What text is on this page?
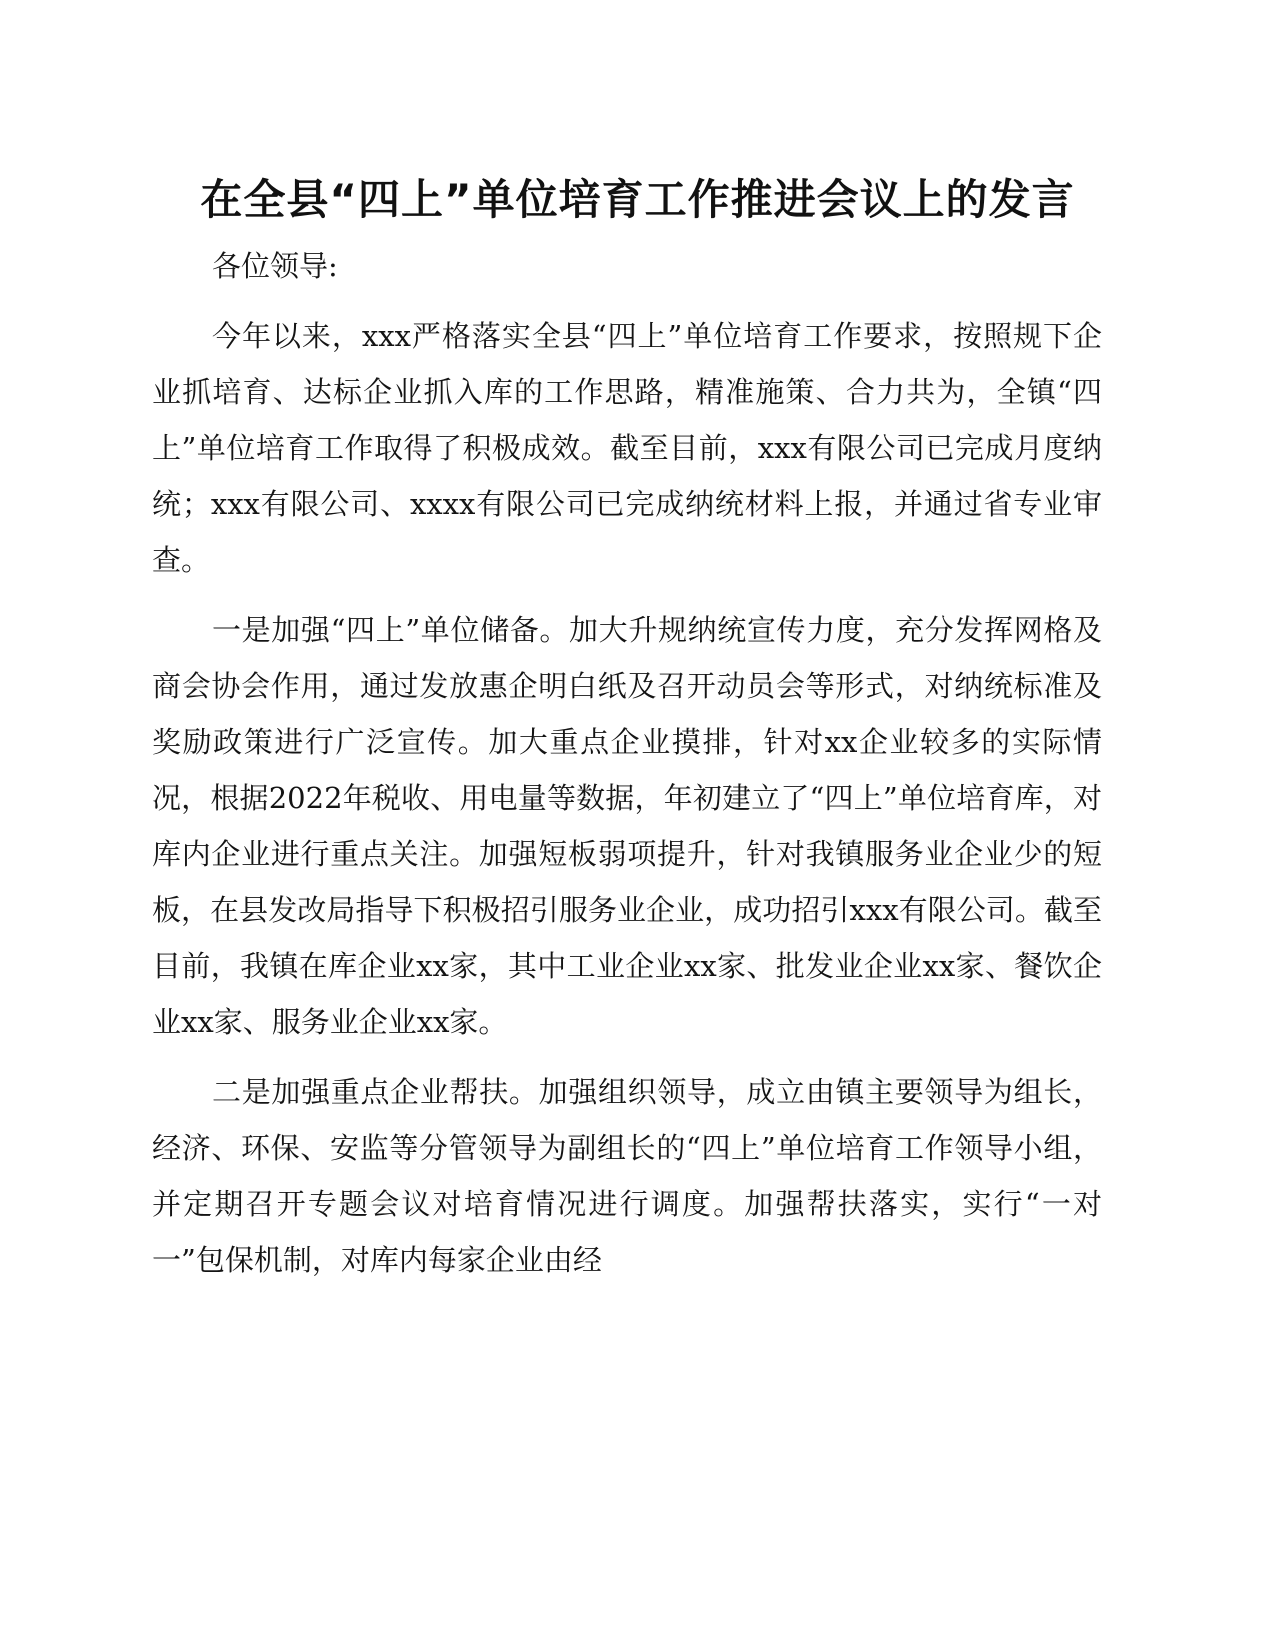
在全县“四上”单位培育工作推进会议上的发言

各位领导:

今年以来，xxx严格落实全县“四上”单位培育工作要求，按照规下企业抓培育、达标企业抓入库的工作思路，精准施策、合力共为，全镇“四上”单位培育工作取得了积极成效。截至目前，xxx有限公司已完成月度纳统；xxx有限公司、xxxx有限公司已完成纳统材料上报，并通过省专业审查。

一是加强“四上”单位储备。加大升规纳统宣传力度，充分发挥网格及商会协会作用，通过发放惠企明白纸及召开动员会等形式，对纳统标准及奖励政策进行广泛宣传。加大重点企业摸排，针对xx企业较多的实际情况，根据2022年税收、用电量等数据，年初建立了“四上”单位培育库，对库内企业进行重点关注。加强短板弱项提升，针对我镇服务业企业少的短板，在县发改局指导下积极招引服务业企业，成功招引xxx有限公司。截至目前，我镇在库企业xx家，其中工业企业xx家、批发业企业xx家、餐饮企业xx家、服务业企业xx家。

二是加强重点企业帮扶。加强组织领导，成立由镇主要领导为组长，经济、环保、安监等分管领导为副组长的“四上”单位培育工作领导小组，并定期召开专题会议对培育情况进行调度。加强帮扶落实，实行“一对一”包保机制，对库内每家企业由经
